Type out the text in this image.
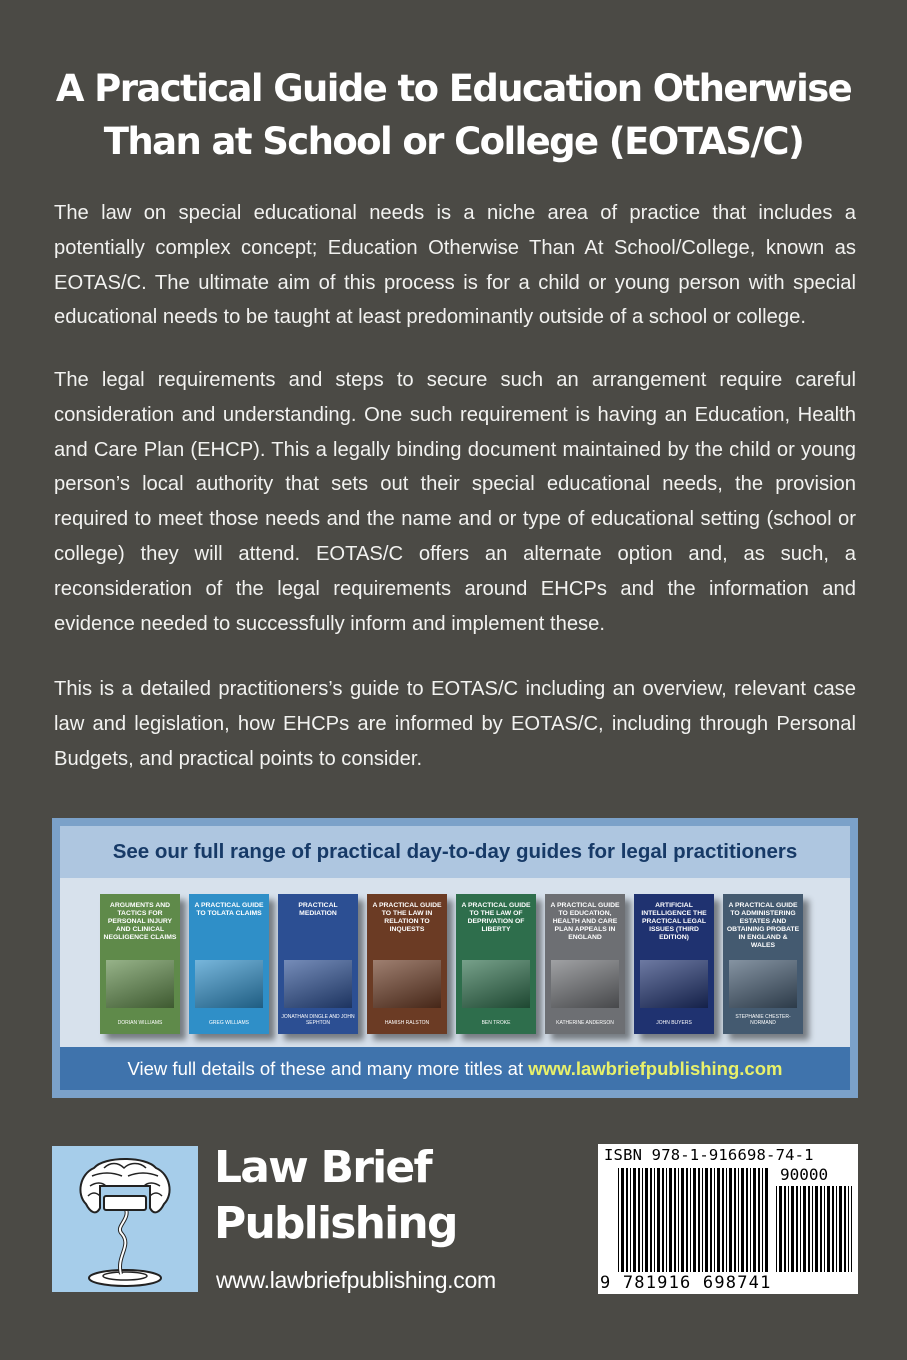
A Practical Guide to Education Otherwise
Than at School or College (EOTAS/C)

The law on special educational needs is a niche area of practice that includes a potentially complex concept; Education Otherwise Than At School/College, known as EOTAS/C. The ultimate aim of this process is for a child or young person with special educational needs to be taught at least predominantly outside of a school or college.

The legal requirements and steps to secure such an arrangement require careful consideration and understanding. One such requirement is having an Education, Health and Care Plan (EHCP). This a legally binding document maintained by the child or young person’s local authority that sets out their special educational needs, the provision required to meet those needs and the name and or type of educational setting (school or college) they will attend. EOTAS/C offers an alternate option and, as such, a reconsideration of the legal requirements around EHCPs and the information and evidence needed to successfully inform and implement these.

This is a detailed practitioners’s guide to EOTAS/C including an overview, relevant case law and legislation, how EHCPs are informed by EOTAS/C, including through Personal Budgets, and practical points to consider.

See our full range of practical day-to-day guides for legal practitioners
ARGUMENTS AND TACTICS FOR PERSONAL INJURY AND CLINICAL NEGLIGENCE CLAIMS
DORIAN WILLIAMS
A PRACTICAL GUIDE TO TOLATA CLAIMS
GREG WILLIAMS
PRACTICAL MEDIATION
JONATHAN DINGLE AND JOHN SEPHTON
A PRACTICAL GUIDE TO THE LAW IN RELATION TO INQUESTS
HAMISH RALSTON
A PRACTICAL GUIDE TO THE LAW OF DEPRIVATION OF LIBERTY
BEN TROKE
A PRACTICAL GUIDE TO EDUCATION, HEALTH AND CARE PLAN APPEALS IN ENGLAND
KATHERINE ANDERSON
ARTIFICIAL INTELLIGENCE THE PRACTICAL LEGAL ISSUES (THIRD EDITION)
JOHN BUYERS
A PRACTICAL GUIDE TO ADMINISTERING ESTATES AND OBTAINING PROBATE IN ENGLAND & WALES
STEPHANIE CHESTER-NORMAND
View full details of these and many more titles at www.lawbriefpublishing.com
Law Brief
Publishing
www.lawbriefpublishing.com
ISBN 978-1-916698-74-1
90000
9 781916 698741
